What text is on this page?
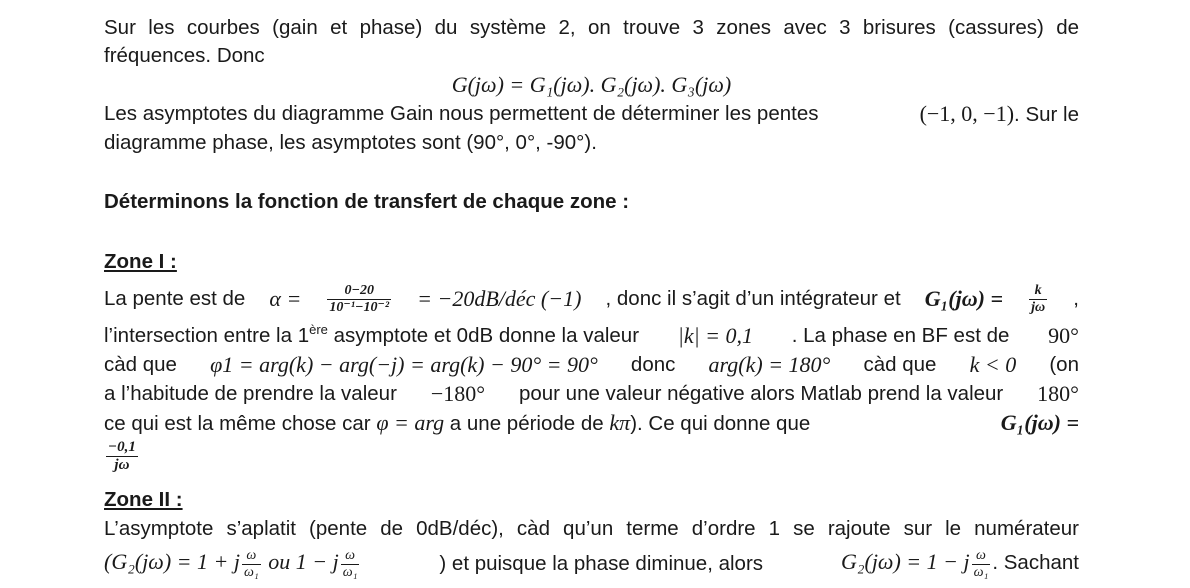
Sur les courbes (gain et phase) du système 2, on trouve 3 zones avec 3 brisures (cassures) de
fréquences. Donc
G(jω) = G₁(jω). G₂(jω). G₃(jω)
Les asymptotes du diagramme Gain nous permettent de déterminer les pentes	(−1, 0, −1). Sur le
diagramme phase, les asymptotes sont (90°, 0°, -90°).
Déterminons la fonction de transfert de chaque zone :
Zone I :
La pente est de $\alpha = \frac{0-20}{\text{10⁻¹−10⁻²}}$ = −20dB/déc (−1) , donc il s’agit d’un intégrateur et $G_1(j\omega) = \frac{k}{j\omega}$ ,
l’intersection entre la 1ère asymptote et 0dB donne la valeur |k| = 0,1 . La phase en BF est de 90°
càd que φ1 = arg(k) − arg(−j) = arg(k) − 90° = 90° donc arg(k) = 180° càd que k < 0 (on
a l’habitude de prendre la valeur −180° pour une valeur négative alors Matlab prend la valeur 180°
ce qui est la même chose car φ = arg a une période de kπ). Ce qui donne que	G₁(jω) =
$\frac{-0,1}{j\omega}$
Zone II :
L’asymptote s’aplatit (pente de 0dB/déc), càd qu’un terme d’ordre 1 se rajoute sur le numérateur
(G₂(jω) = 1 + j $\frac{\omega}{\text{ω₁}}$ ou 1 − j $\frac{\omega}{\text{ω₁}}$	) et puisque la phase diminue, alors	G₂(jω) = 1 − j $\frac{\omega}{\text{ω₁}}$ . Sachant
